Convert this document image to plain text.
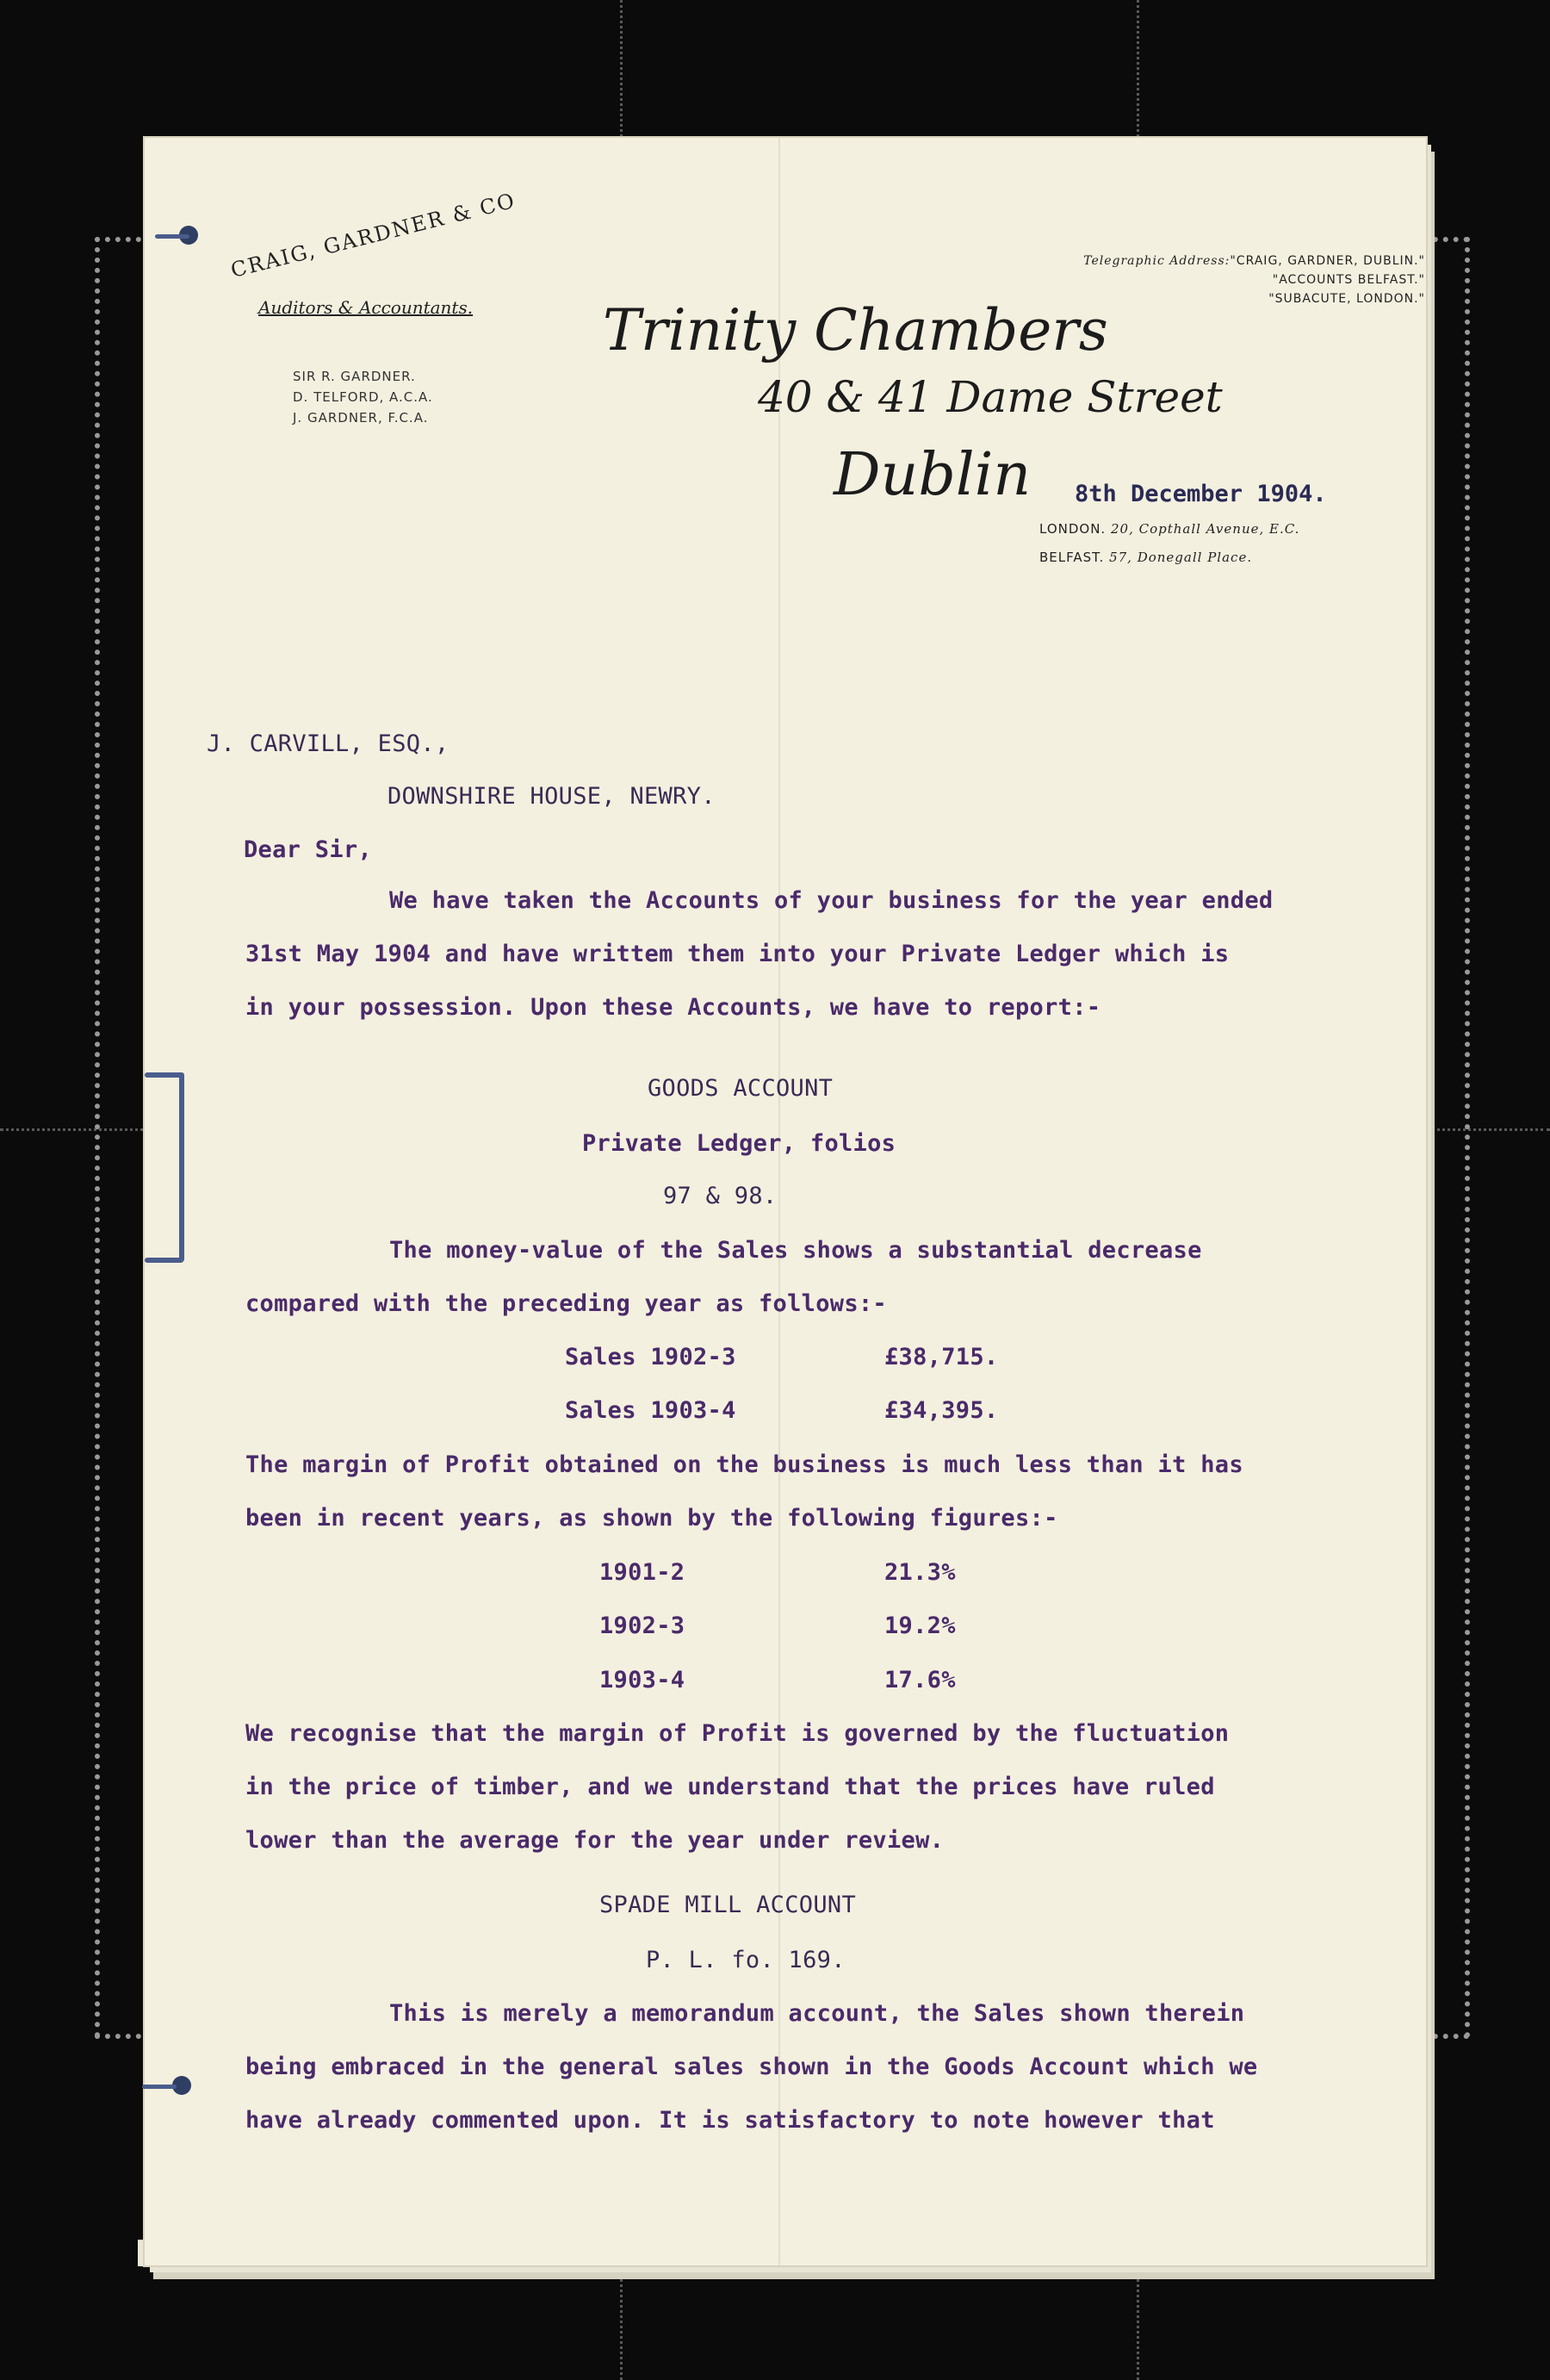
CRAIG, GARDNER & CO
Auditors & Accountants.
SIR R. GARDNER.
D. TELFORD, A.C.A.
J. GARDNER, F.C.A.
Trinity Chambers
40 & 41 Dame Street
Dublin
Telegraphic Address:"CRAIG, GARDNER, DUBLIN."
"ACCOUNTS BELFAST."
"SUBACUTE, LONDON."
8th December 1904.
LONDON. 20, Copthall Avenue, E.C.
BELFAST. 57, Donegall Place.
J. CARVILL, ESQ.,
DOWNSHIRE HOUSE, NEWRY.
Dear Sir,
We have taken the Accounts of your business for the year ended
31st May 1904 and have writtem them into your Private Ledger which is
in your possession. Upon these Accounts, we have to report:-
GOODS ACCOUNT
Private Ledger, folios
97 & 98.
The money-value of the Sales shows a substantial decrease
compared with the preceding year as follows:-
Sales 1902-3	£38,715.
Sales 1903-4	£34,395.
The margin of Profit obtained on the business is much less than it has
been in recent years, as shown by the following figures:-
1901-2	21.3%
1902-3	19.2%
1903-4	17.6%
We recognise that the margin of Profit is governed by the fluctuation
in the price of timber, and we understand that the prices have ruled
lower than the average for the year under review.
SPADE MILL ACCOUNT
P. L. fo. 169.
This is merely a memorandum account, the Sales shown therein
being embraced in the general sales shown in the Goods Account which we
have already commented upon. It is satisfactory to note however that
